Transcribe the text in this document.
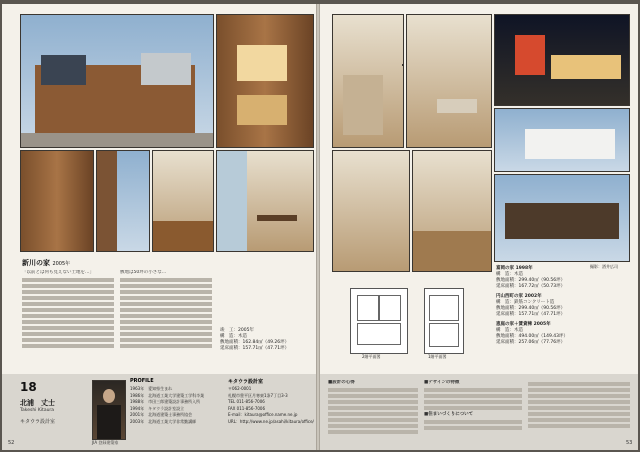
新川の家 2005年
「以前とは何も見えない土地を…」	敷地は50坪の小さな…
竣　工：2005年
構　造：木造
敷地面積：162.84㎡（49.26坪）
延床面積：157.71㎡（47.71坪）
18
北浦　丈士
Takeshi Kitaura
キタウラ設計室
JIA 登録建築家
PROFILE
1963年　愛知県生まれ
1986年　北海道工業大学建築工学科卒業
1988年　市田三郎建築設計事務所入所
1994年　キタウラ設計室設立
2001年　北海道建築士事務所協会
2003年　北海道工業大学非常勤講師
キタウラ設計室
〒062-0001
札幌市豊平区月寒東1条7丁目3-3
TEL 011-856-7006
FAX 011-856-7006
E-mail：kitaura@office.name.ne.jp
URL：http://www.ne.jp/asahi/kitaura/office/
52
撮影：酒井広司
2階平面図	1階平面図
富岡の家 1998年
構　造：木造
敷地面積：299.40㎡（90.56坪）
延床面積：167.72㎡（50.73坪）
円山西町の家 2002年
構　造：鉄筋コンクリート造
敷地面積：299.40㎡（90.56坪）
延床面積：157.71㎡（47.71坪）
恵庭の家＋賃貸棟 2005年
構　造：木造
敷地面積：494.00㎡（149.43坪）
延床面積：257.06㎡（77.76坪）
■設計の心得	■デザインの特徴
■住まいづくりについて
53
